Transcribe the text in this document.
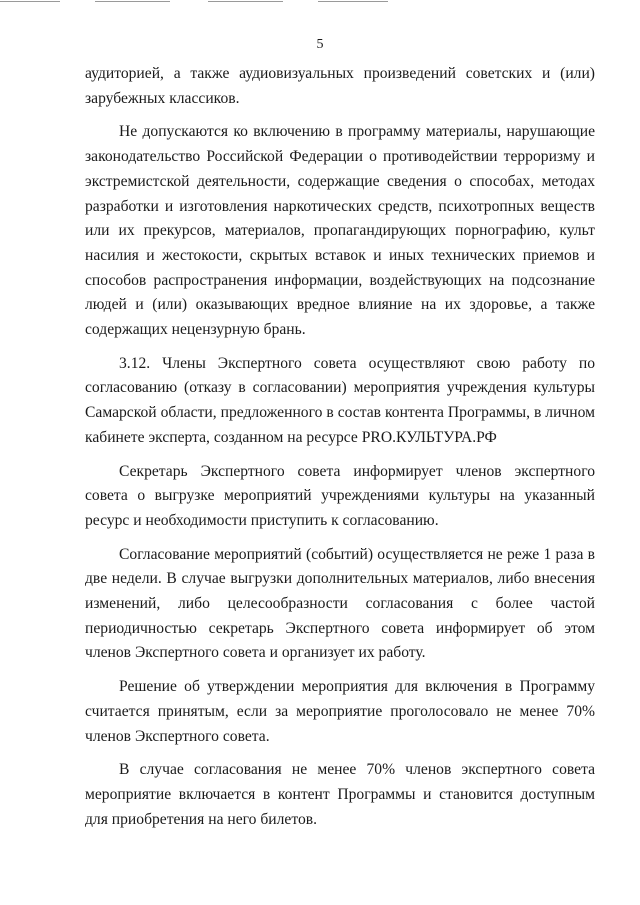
5

аудиторией, а также аудиовизуальных произведений советских и (или) зарубежных классиков.

Не допускаются ко включению в программу материалы, нарушающие законодательство Российской Федерации о противодействии терроризму и экстремистской деятельности, содержащие сведения о способах, методах разработки и изготовления наркотических средств, психотропных веществ или их прекурсов, материалов, пропагандирующих порнографию, культ насилия и жестокости, скрытых вставок и иных технических приемов и способов распространения информации, воздействующих на подсознание людей и (или) оказывающих вредное влияние на их здоровье, а также содержащих нецензурную брань.

3.12. Члены Экспертного совета осуществляют свою работу по согласованию (отказу в согласовании) мероприятия учреждения культуры Самарской области, предложенного в состав контента Программы, в личном кабинете эксперта, созданном на ресурсе PRO.КУЛЬТУРА.РФ

Секретарь Экспертного совета информирует членов экспертного совета о выгрузке мероприятий учреждениями культуры на указанный ресурс и необходимости приступить к согласованию.

Согласование мероприятий (событий) осуществляется не реже 1 раза в две недели. В случае выгрузки дополнительных материалов, либо внесения изменений, либо целесообразности согласования с более частой периодичностью секретарь Экспертного совета информирует об этом членов Экспертного совета и организует их работу.

Решение об утверждении мероприятия для включения в Программу считается принятым, если за мероприятие проголосовало не менее 70% членов Экспертного совета.

В случае согласования не менее 70% членов экспертного совета мероприятие включается в контент Программы и становится доступным для приобретения на него билетов.
